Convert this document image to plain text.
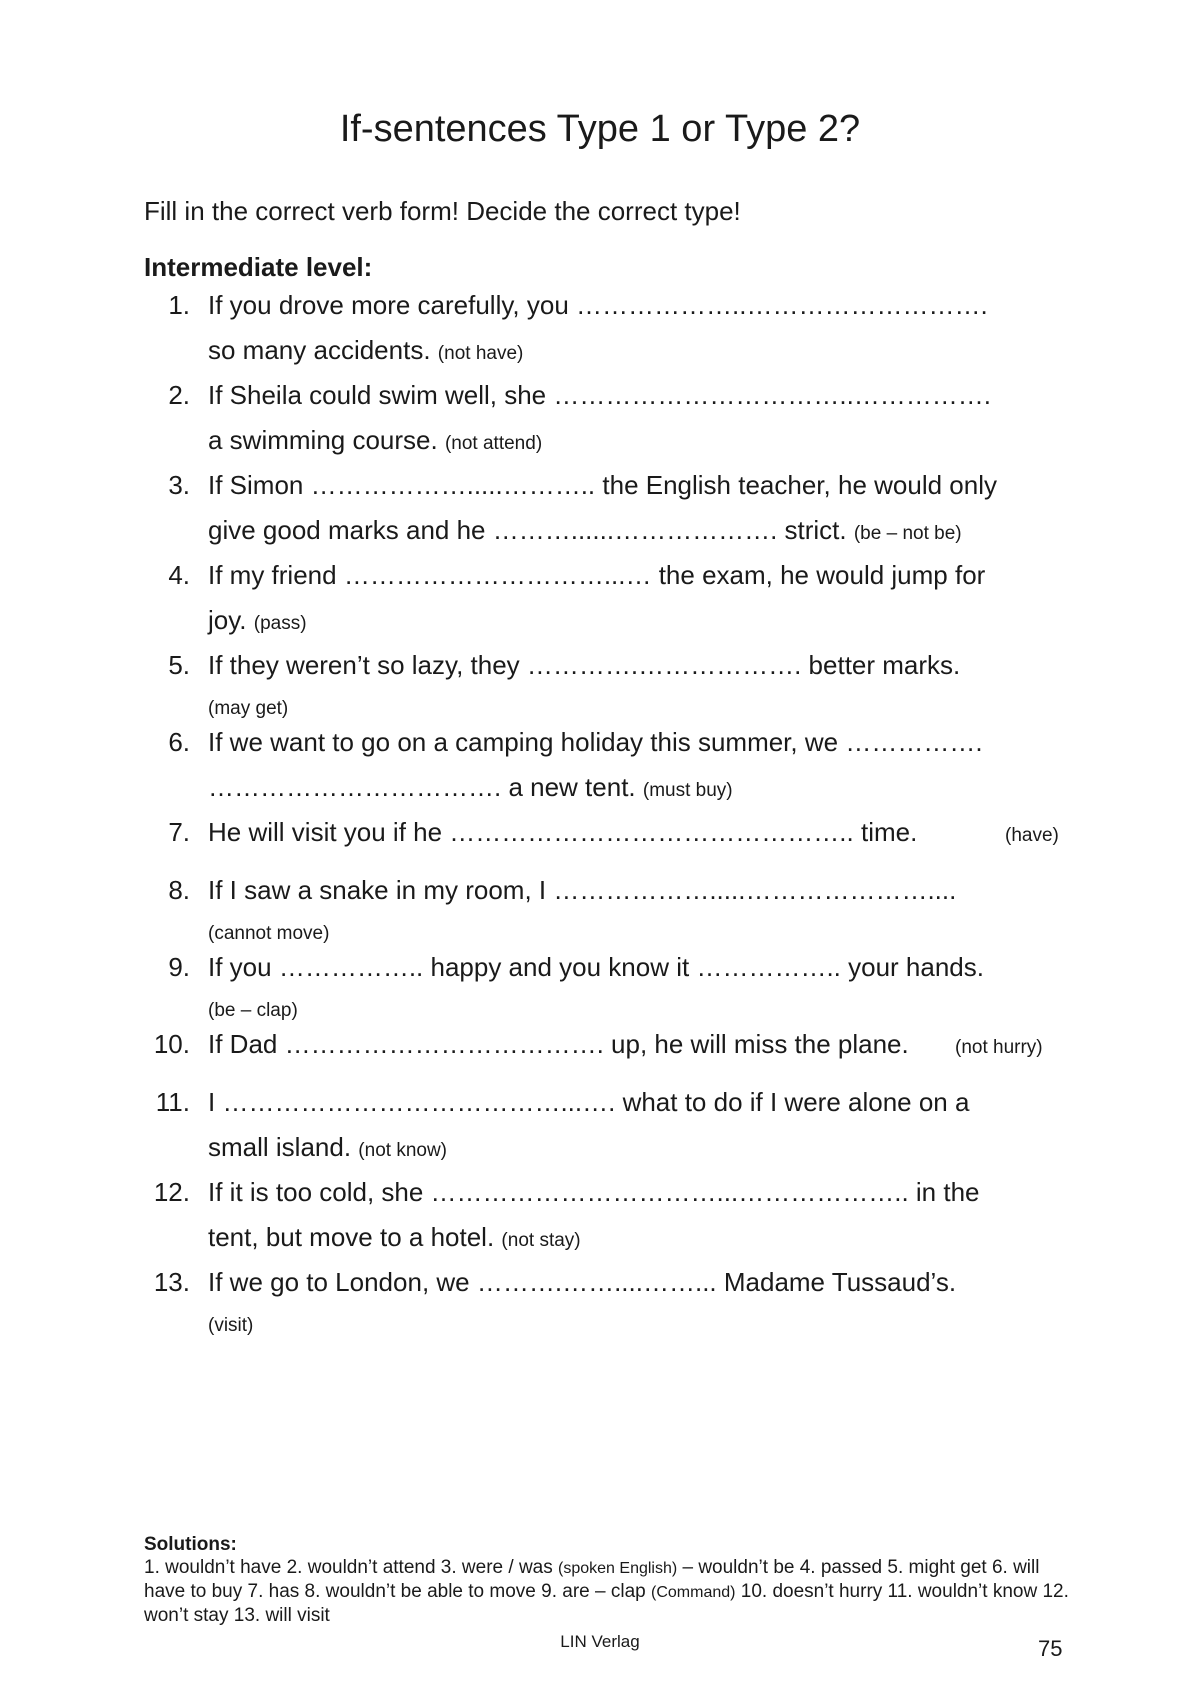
If-sentences Type 1 or Type 2?

Fill in the correct verb form! Decide the correct type!

Intermediate level:

1. If you drove more carefully, you ………………..……………………….
so many accidents. (not have)
2. If Sheila could swim well, she ……………………………..…………….
a swimming course. (not attend)
3. If Simon ……………….....……….. the English teacher, he would only
give good marks and he ………......………………. strict. (be – not be)
4. If my friend …………………………...… the exam, he would jump for
joy. (pass)
5. If they weren’t so lazy, they ………….………………. better marks.
(may get)
6. If we want to go on a camping holiday this summer, we …………….
……………………………. a new tent. (must buy)
7. He will visit you if he ……………………………………….. time.	(have)
8. If I saw a snake in my room, I ……………….....…………………....
(cannot move)
9. If you …………….. happy and you know it …………….. your hands.
(be – clap)
10. If Dad ………………………………. up, he will miss the plane. (not hurry)
11. I …………………………………...…. what to do if I were alone on a
small island. (not know)
12. If it is too cold, she ……………………………...……………….. in the
tent, but move to a hotel. (not stay)
13. If we go to London, we ……….……....……... Madame Tussaud’s.
(visit)
Solutions:
1. wouldn’t have 2. wouldn’t attend 3. were / was (spoken English) – wouldn’t be 4. passed 5. might get 6. will have to buy 7. has 8. wouldn’t be able to move 9. are – clap (Command) 10. doesn’t hurry 11. wouldn’t know 12. won’t stay 13. will visit
LIN Verlag	75
